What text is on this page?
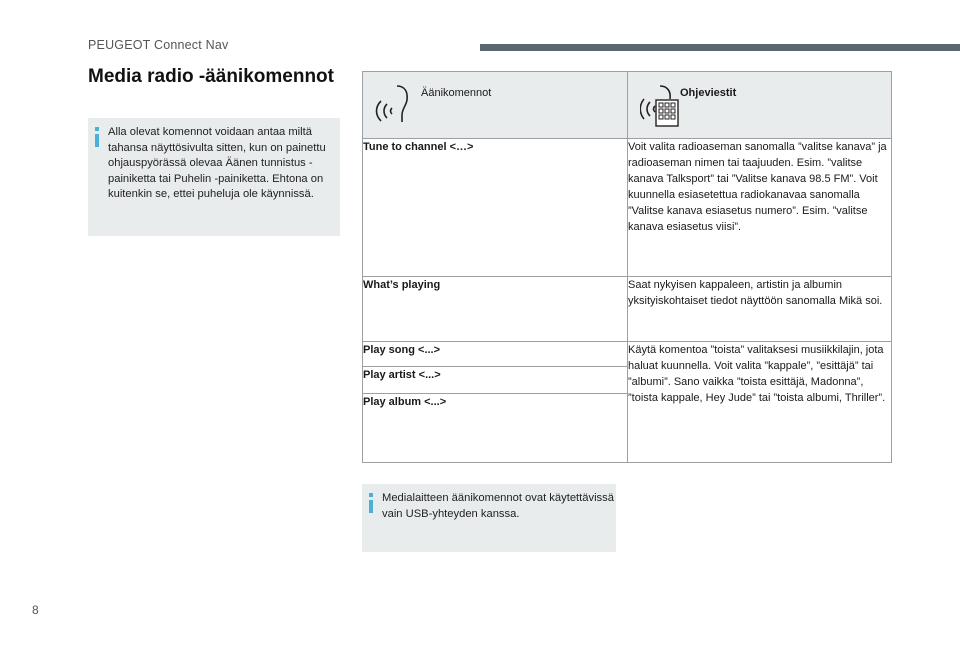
PEUGEOT Connect Nav
Media radio -äänikomennot

Alla olevat komennot voidaan antaa miltä tahansa näyttösivulta sitten, kun on painettu ohjauspyörässä olevaa Äänen tunnistus -painiketta tai Puhelin -painiketta. Ehtona on kuitenkin se, ettei puheluja ole käynnissä.

Äänikomennot	Ohjeviestit

Tune to channel <…>	Voit valita radioaseman sanomalla ”valitse kanava” ja radioaseman nimen tai taajuuden. Esim. ”valitse kanava Talksport” tai ”Valitse kanava 98.5 FM”. Voit kuunnella esiasetettua radiokanavaa sanomalla ”Valitse kanava esiasetus numero”. Esim. ”valitse kanava esiasetus viisi”.
What’s playing	Saat nykyisen kappaleen, artistin ja albumin yksityiskohtaiset tiedot näyttöön sanomalla Mikä soi.
Play song <...>	Käytä komentoa ”toista” valitaksesi musiikkilajin, jota haluat kuunnella. Voit valita ”kappale”, ”esittäjä” tai ”albumi”. Sano vaikka ”toista esittäjä, Madonna”, ”toista kappale, Hey Jude” tai ”toista albumi, Thriller”.
Play artist <...>	
Play album <...>	

Medialaitteen äänikomennot ovat käytettävissä vain USB-yhteyden kanssa.

8
